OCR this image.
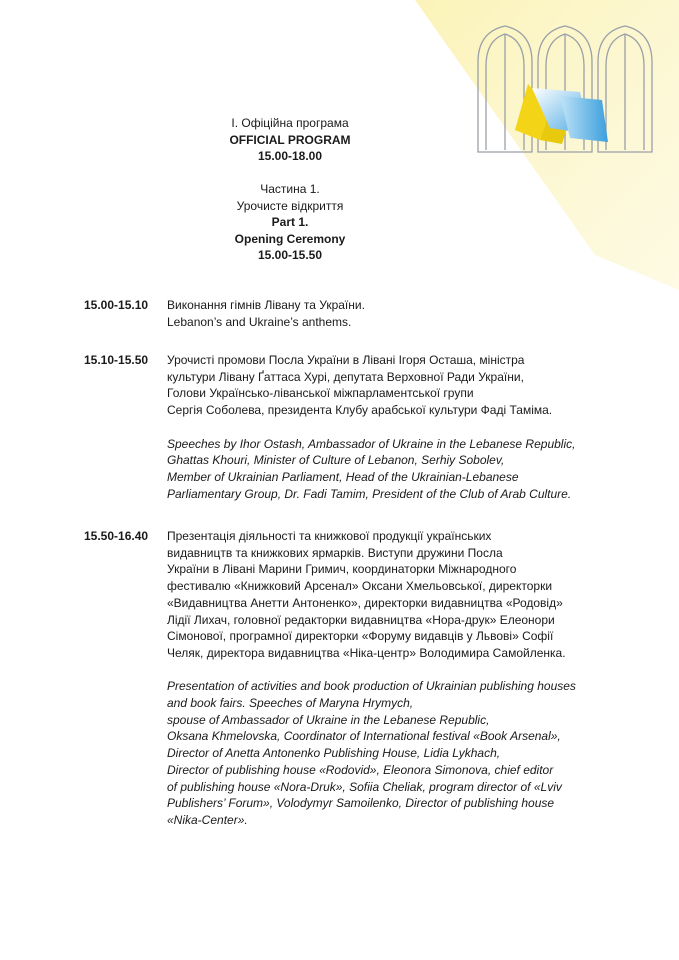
І. Офіційна програма
OFFICIAL PROGRAM
15.00-18.00
Частина 1.
Урочисте відкриття
Part 1.
Opening Ceremony
15.00-15.50
15.00-15.10	Виконання гімнів Лівану та України.

Lebanon’s and Ukraine’s anthems.
15.10-15.50	Урочисті промови Посла України в Лівані Ігоря Осташа, міністра
культури Лівану Ґаттаса Хурі, депутата Верховної Ради України,
Голови Українсько-ліванської міжпарламентської групи
Сергія Соболева, президента Клубу арабської культури Фаді Таміма.
Speeches by Ihor Ostash, Ambassador of Ukraine in the Lebanese Republic,
Ghattas Khouri, Minister of Culture of Lebanon, Serhiy Sobolev,
Member of Ukrainian Parliament, Head of the Ukrainian-Lebanese
Parliamentary Group, Dr. Fadi Tamim, President of the Club of Arab Culture.
15.50-16.40	Презентація діяльності та книжкової продукції українських
видавництв та книжкових ярмарків. Виступи дружини Посла
України в Лівані Марини Гримич, координаторки Міжнародного
фестивалю «Книжковий Арсенал» Оксани Хмельовської, директорки
«Видавництва Анетти Антоненко», директорки видавництва «Родовід»
Лідії Лихач, головної редакторки видавництва «Нора-друк» Елеонори
Сімонової, програмної директорки «Форуму видавців у Львові» Софії
Челяк, директора видавництва «Ніка-центр» Володимира Самойленка.
Presentation of activities and book production of Ukrainian publishing houses
and book fairs. Speeches of Maryna Hrymych,
spouse of Ambassador of Ukraine in the Lebanese Republic,
Oksana Khmelovska, Coordinator of International festival «Book Arsenal»,
Director of Anetta Antonenko Publishing House, Lidia Lykhach,
Director of publishing house «Rodovid», Eleonora Simonova, chief editor
of publishing house «Nora-Druk», Sofiia Cheliak, program director of «Lviv
Publishers’ Forum», Volodymyr Samoilenko, Director of publishing house
«Nika-Center».
